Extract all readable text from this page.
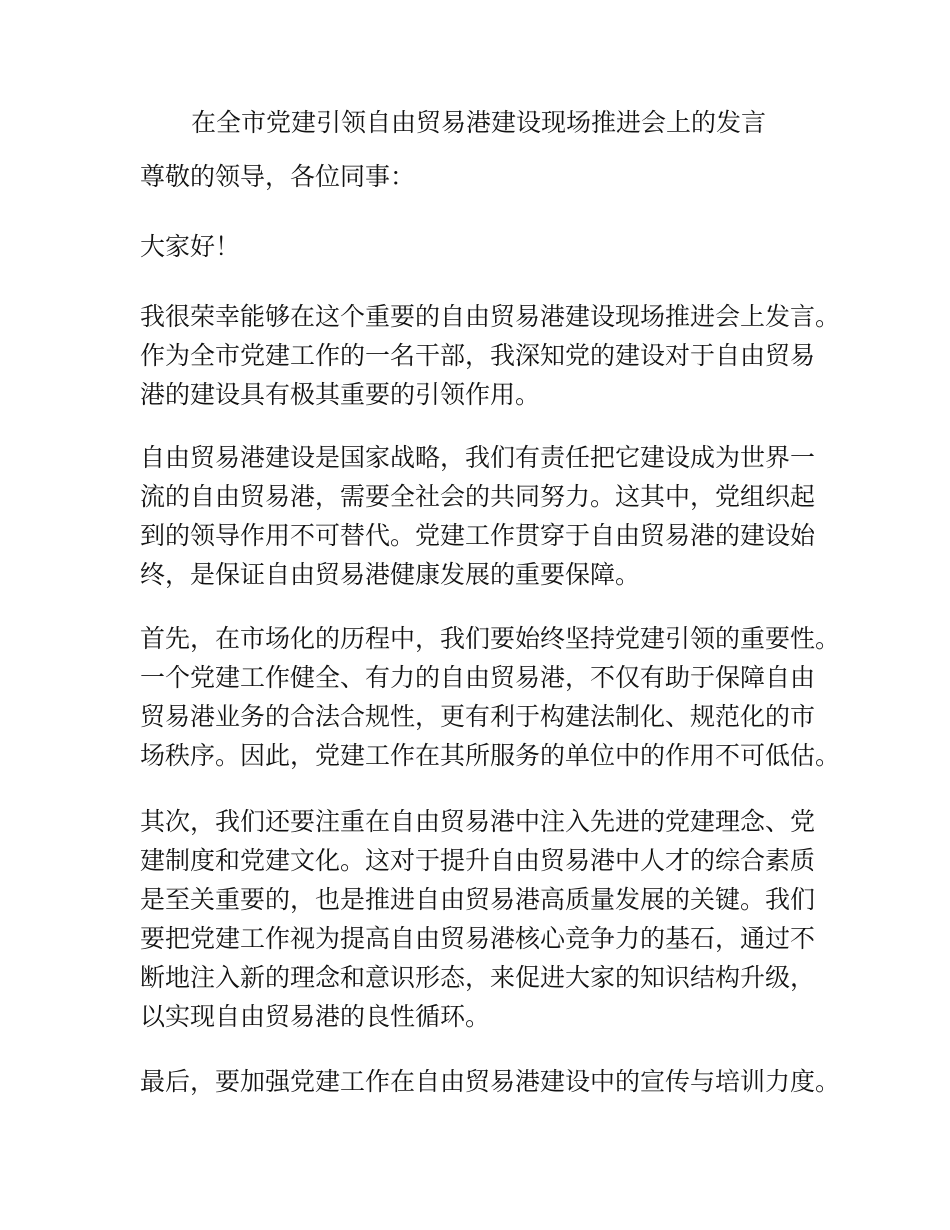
在全市党建引领自由贸易港建设现场推进会上的发言
尊敬的领导，各位同事：
大家好！
我很荣幸能够在这个重要的自由贸易港建设现场推进会上发言。
作为全市党建工作的一名干部，我深知党的建设对于自由贸易
港的建设具有极其重要的引领作用。
自由贸易港建设是国家战略，我们有责任把它建设成为世界一
流的自由贸易港，需要全社会的共同努力。这其中，党组织起
到的领导作用不可替代。党建工作贯穿于自由贸易港的建设始
终，是保证自由贸易港健康发展的重要保障。
首先，在市场化的历程中，我们要始终坚持党建引领的重要性。
一个党建工作健全、有力的自由贸易港，不仅有助于保障自由
贸易港业务的合法合规性，更有利于构建法制化、规范化的市
场秩序。因此，党建工作在其所服务的单位中的作用不可低估。
其次，我们还要注重在自由贸易港中注入先进的党建理念、党
建制度和党建文化。这对于提升自由贸易港中人才的综合素质
是至关重要的，也是推进自由贸易港高质量发展的关键。我们
要把党建工作视为提高自由贸易港核心竞争力的基石，通过不
断地注入新的理念和意识形态，来促进大家的知识结构升级，
以实现自由贸易港的良性循环。
最后，要加强党建工作在自由贸易港建设中的宣传与培训力度。
